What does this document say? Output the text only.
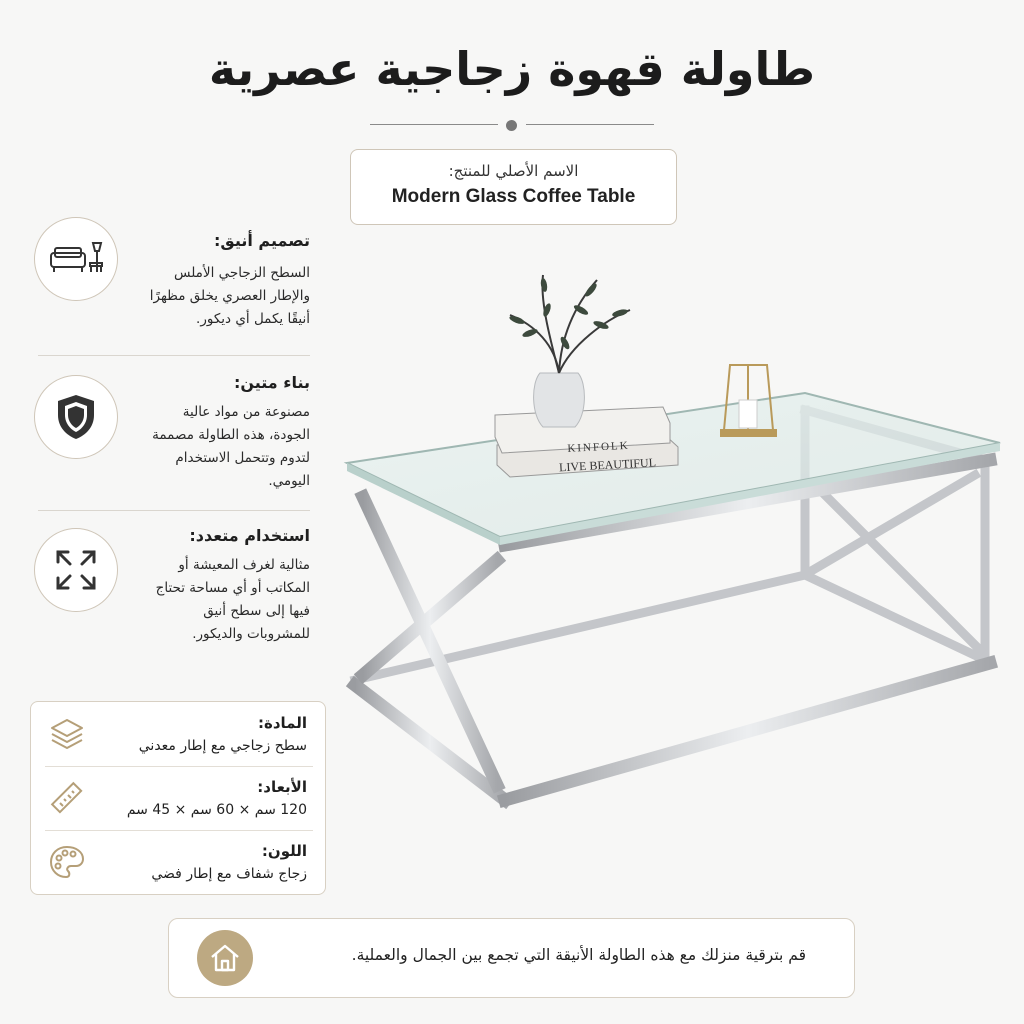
طاولة قهوة زجاجية عصرية
الاسم الأصلي للمنتج:
Modern Glass Coffee Table
تصميم أنيق:
السطح الزجاجي الأملس
والإطار العصري يخلق مظهرًا
أنيقًا يكمل أي ديكور.
بناء متين:
مصنوعة من مواد عالية
الجودة، هذه الطاولة مصممة
لتدوم وتتحمل الاستخدام
اليومي.
استخدام متعدد:
مثالية لغرف المعيشة أو
المكاتب أو أي مساحة تحتاج
فيها إلى سطح أنيق
للمشروبات والديكور.
المادة:
سطح زجاجي مع إطار معدني
الأبعاد:
120 سم × 60 سم × 45 سم
اللون:
زجاج شفاف مع إطار فضي
KINFOLK
LIVE BEAUTIFUL
قم بترقية منزلك مع هذه الطاولة الأنيقة التي تجمع بين الجمال والعملية.
